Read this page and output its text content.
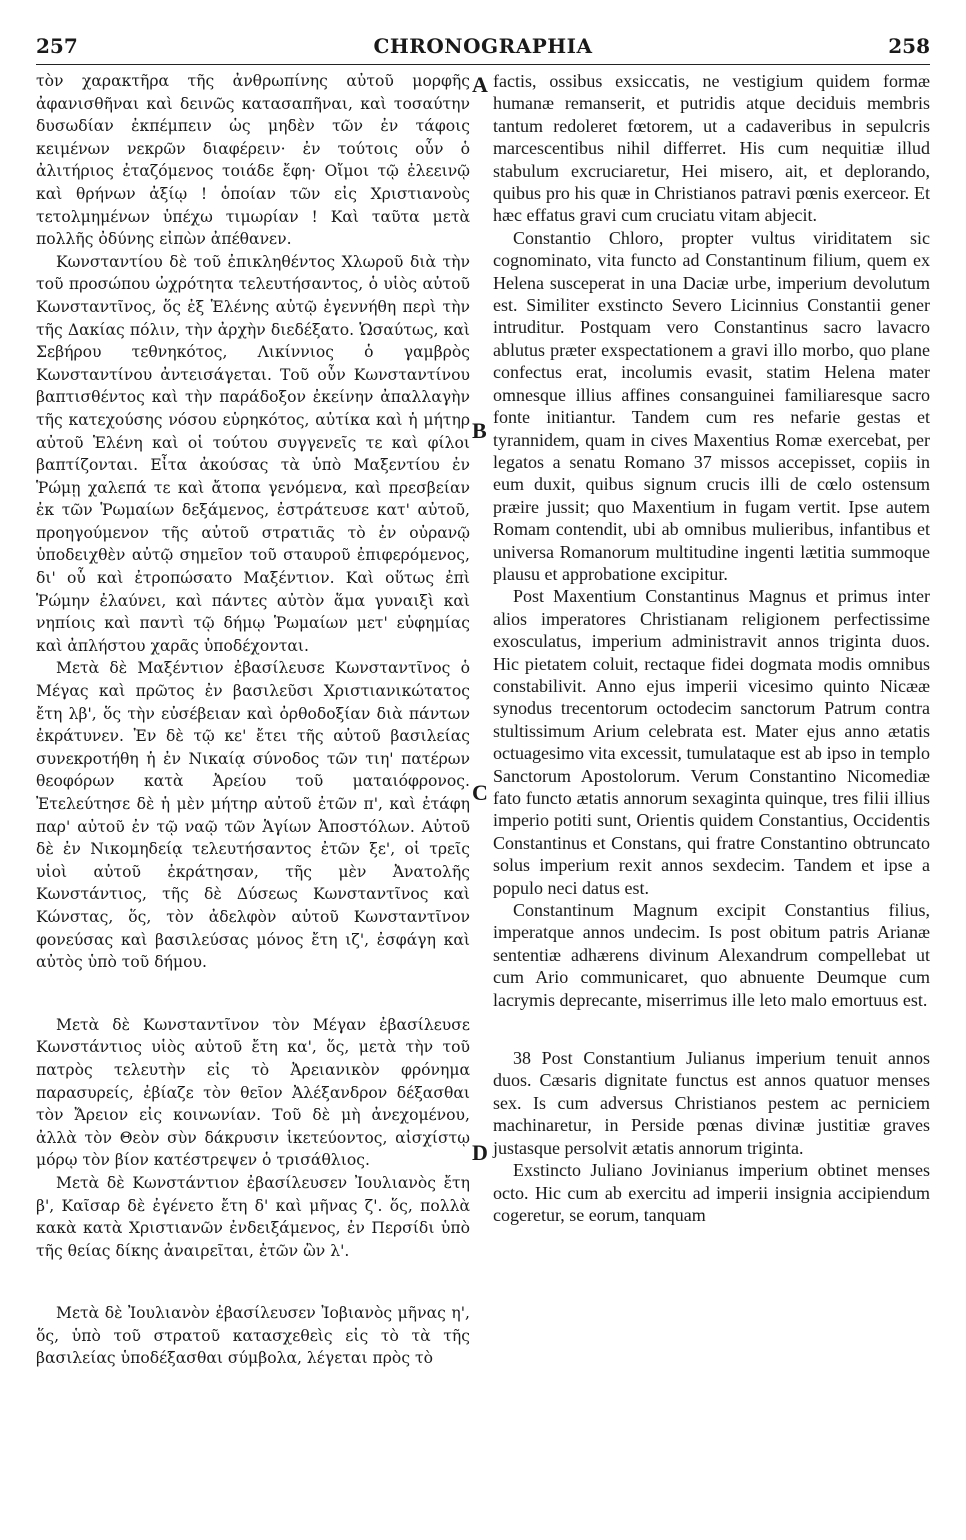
257	CHRONOGRAPHIA	258

τὸν χαρακτῆρα τῆς ἀνθρωπίνης αὐτοῦ μορφῆς ἀφανισθῆναι καὶ δεινῶς κατασαπῆναι, καὶ τοσαύτην δυσωδίαν ἐκπέμπειν ὡς μηδὲν τῶν ἐν τάφοις κειμένων νεκρῶν διαφέρειν· ἐν τούτοις οὖν ὁ ἀλιτήριος ἐταζόμενος τοιάδε ἔφη· Οἴμοι τῷ ἐλεεινῷ καὶ θρήνων ἀξίῳ ! ὁποίαν τῶν εἰς Χριστιανοὺς τετολμημένων ὑπέχω τιμωρίαν ! Καὶ ταῦτα μετὰ πολλῆς ὀδύνης εἰπὼν ἀπέθανεν.

Κωνσταντίου δὲ τοῦ ἐπικληθέντος Χλωροῦ διὰ τὴν τοῦ προσώπου ὠχρότητα τελευτήσαντος, ὁ υἱὸς αὐτοῦ Κωνσταντῖνος, ὅς ἐξ Ἑλένης αὐτῷ ἐγεννήθη περὶ τὴν τῆς Δακίας πόλιν, τὴν ἀρχὴν διεδέξατο. Ὡσαύτως, καὶ Σεβήρου τεθνηκότος, Λικίννιος ὁ γαμβρὸς Κωνσταντίνου ἀντεισάγεται. Τοῦ οὖν Κωνσταντίνου βαπτισθέντος καὶ τὴν παράδοξον ἐκείνην ἀπαλλαγὴν τῆς κατεχούσης νόσου εὑρηκότος, αὐτίκα καὶ ἡ μήτηρ αὐτοῦ Ἑλένη καὶ οἱ τούτου συγγενεῖς τε καὶ φίλοι βαπτίζονται. Εἶτα ἀκούσας τὰ ὑπὸ Μαξεντίου ἐν Ῥώμῃ χαλεπά τε καὶ ἄτοπα γενόμενα, καὶ πρεσβείαν ἐκ τῶν Ῥωμαίων δεξάμενος, ἐστράτευσε κατ' αὐτοῦ, προηγούμενον τῆς αὐτοῦ στρατιᾶς τὸ ἐν οὐρανῷ ὑποδειχθὲν αὐτῷ σημεῖον τοῦ σταυροῦ ἐπιφερόμενος, δι' οὗ καὶ ἐτροπώσατο Μαξέντιον. Καὶ οὕτως ἐπὶ Ῥώμην ἐλαύνει, καὶ πάντες αὐτὸν ἅμα γυναιξὶ καὶ νηπίοις καὶ παντὶ τῷ δήμῳ Ῥωμαίων μετ' εὐφημίας καὶ ἀπλήστου χαρᾶς ὑποδέχονται.

Μετὰ δὲ Μαξέντιον ἐβασίλευσε Κωνσταντῖνος ὁ Μέγας καὶ πρῶτος ἐν βασιλεῦσι Χριστιανικώτατος ἔτη λβ', ὅς τὴν εὐσέβειαν καὶ ὀρθοδοξίαν διὰ πάντων ἐκράτυνεν. Ἐν δὲ τῷ κε' ἔτει τῆς αὐτοῦ βασιλείας συνεκροτήθη ἡ ἐν Νικαίᾳ σύνοδος τῶν τιη' πατέρων θεοφόρων κατὰ Ἀρείου τοῦ ματαιόφρονος. Ἐτελεύτησε δὲ ἡ μὲν μήτηρ αὐτοῦ ἐτῶν π', καὶ ἐτάφη παρ' αὐτοῦ ἐν τῷ ναῷ τῶν Ἁγίων Ἀποστόλων. Αὐτοῦ δὲ ἐν Νικομηδείᾳ τελευτήσαντος ἐτῶν ξε', οἱ τρεῖς υἱοὶ αὐτοῦ ἐκράτησαν, τῆς μὲν Ἀνατολῆς Κωνστάντιος, τῆς δὲ Δύσεως Κωνσταντῖνος καὶ Κώνστας, ὅς, τὸν ἀδελφὸν αὐτοῦ Κωνσταντῖνον φονεύσας καὶ βασιλεύσας μόνος ἔτη ιζ', ἐσφάγη καὶ αὐτὸς ὑπὸ τοῦ δήμου.

Μετὰ δὲ Κωνσταντῖνον τὸν Μέγαν ἐβασίλευσε Κωνστάντιος υἱὸς αὐτοῦ ἔτη κα', ὅς, μετὰ τὴν τοῦ πατρὸς τελευτὴν εἰς τὸ Ἀρειανικὸν φρόνημα παρασυρείς, ἐβίαζε τὸν θεῖον Ἀλέξανδρον δέξασθαι τὸν Ἄρειον εἰς κοινωνίαν. Τοῦ δὲ μὴ ἀνεχομένου, ἀλλὰ τὸν Θεὸν σὺν δάκρυσιν ἱκετεύοντος, αἰσχίστῳ μόρῳ τὸν βίον κατέστρεψεν ὁ τρισάθλιος.

Μετὰ δὲ Κωνστάντιον ἐβασίλευσεν Ἰουλιανὸς ἔτη β', Καῖσαρ δὲ ἐγένετο ἔτη δ' καὶ μῆνας ζ'. ὅς, πολλὰ κακὰ κατὰ Χριστιανῶν ἐνδειξάμενος, ἐν Περσίδι ὑπὸ τῆς θείας δίκης ἀναιρεῖται, ἐτῶν ὢν λ'.

Μετὰ δὲ Ἰουλιανὸν ἐβασίλευσεν Ἰοβιανὸς μῆνας η', ὅς, ὑπὸ τοῦ στρατοῦ κατασχεθεὶς εἰς τὸ τὰ τῆς βασιλείας ὑποδέξασθαι σύμβολα, λέγεται πρὸς τὸ

A
B
C
D

factis, ossibus exsiccatis, ne vestigium quidem formæ humanæ remanserit, et putridis atque deciduis membris tantum redoleret fœtorem, ut a cadaveribus in sepulcris marcescentibus nihil differret. His cum nequitiæ illud stabulum excruciaretur, Hei misero, ait, et deplorando, quibus pro his quæ in Christianos patravi pœnis exerceor. Et hæc effatus gravi cum cruciatu vitam abjecit.

Constantio Chloro, propter vultus viriditatem sic cognominato, vita functo ad Constantinum filium, quem ex Helena susceperat in una Daciæ urbe, imperium devolutum est. Similiter exstincto Severo Licinnius Constantii gener intruditur. Postquam vero Constantinus sacro lavacro ablutus præter exspectationem a gravi illo morbo, quo plane confectus erat, incolumis evasit, statim Helena mater omnesque illius affines consanguinei familiaresque sacro fonte initiantur. Tandem cum res nefarie gestas et tyrannidem, quam in cives Maxentius Romæ exercebat, per legatos a senatu Romano 37 missos accepisset, copiis in eum duxit, quibus signum crucis illi de cœlo ostensum præire jussit; quo Maxentium in fugam vertit. Ipse autem Romam contendit, ubi ab omnibus mulieribus, infantibus et universa Romanorum multitudine ingenti lætitia summoque plausu et approbatione excipitur.

Post Maxentium Constantinus Magnus et primus inter alios imperatores Christianam religionem perfectissime exosculatus, imperium administravit annos triginta duos. Hic pietatem coluit, rectaque fidei dogmata modis omnibus constabilivit. Anno ejus imperii vicesimo quinto Nicææ synodus trecentorum octodecim sanctorum Patrum contra stultissimum Arium celebrata est. Mater ejus anno ætatis octuagesimo vita excessit, tumulataque est ab ipso in templo Sanctorum Apostolorum. Verum Constantino Nicomediæ fato functo ætatis annorum sexaginta quinque, tres filii illius imperio potiti sunt, Orientis quidem Constantius, Occidentis Constantinus et Constans, qui fratre Constantino obtruncato solus imperium rexit annos sexdecim. Tandem et ipse a populo neci datus est.

Constantinum Magnum excipit Constantius filius, imperatque annos undecim. Is post obitum patris Arianæ sententiæ adhærens divinum Alexandrum compellebat ut cum Ario communicaret, quo abnuente Deumque cum lacrymis deprecante, miserrimus ille leto malo emortuus est.

38 Post Constantium Julianus imperium tenuit annos duos. Cæsaris dignitate functus est annos quatuor menses sex. Is cum adversus Christianos pestem ac perniciem machinaretur, in Perside pœnas divinæ justitiæ graves justasque persolvit ætatis annorum triginta.

Exstincto Juliano Jovinianus imperium obtinet menses octo. Hic cum ab exercitu ad imperii insignia accipiendum cogeretur, se eorum, tanquam
